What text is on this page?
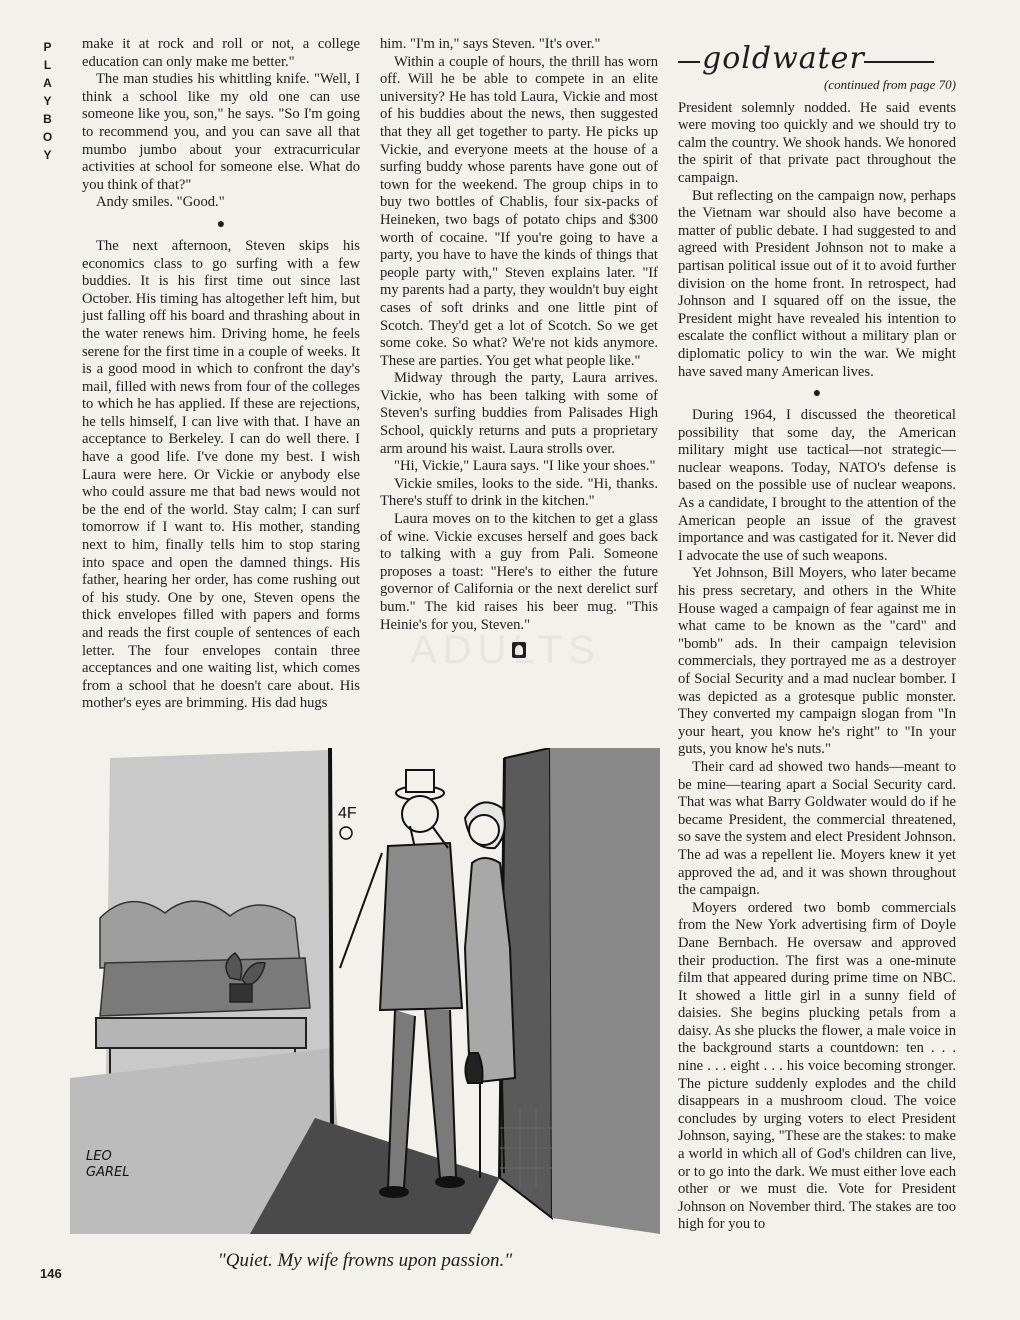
P
L
A
Y
B
O
Y

make it at rock and roll or not, a college education can only make me better."

The man studies his whittling knife. "Well, I think a school like my old one can use someone like you, son," he says. "So I'm going to recommend you, and you can save all that mumbo jumbo about your extracurricular activities at school for someone else. What do you think of that?"

Andy smiles. "Good."

●

The next afternoon, Steven skips his economics class to go surfing with a few buddies. It is his first time out since last October. His timing has altogether left him, but just falling off his board and thrashing about in the water renews him. Driving home, he feels serene for the first time in a couple of weeks. It is a good mood in which to confront the day's mail, filled with news from four of the colleges to which he has applied. If these are rejections, he tells himself, I can live with that. I have an acceptance to Berkeley. I can do well there. I have a good life. I've done my best. I wish Laura were here. Or Vickie or anybody else who could assure me that bad news would not be the end of the world. Stay calm; I can surf tomorrow if I want to. His mother, standing next to him, finally tells him to stop staring into space and open the damned things. His father, hearing her order, has come rushing out of his study. One by one, Steven opens the thick envelopes filled with papers and forms and reads the first couple of sentences of each letter. The four envelopes contain three acceptances and one waiting list, which comes from a school that he doesn't care about. His mother's eyes are brimming. His dad hugs

him. "I'm in," says Steven. "It's over."

Within a couple of hours, the thrill has worn off. Will he be able to compete in an elite university? He has told Laura, Vickie and most of his buddies about the news, then suggested that they all get together to party. He picks up Vickie, and everyone meets at the house of a surfing buddy whose parents have gone out of town for the weekend. The group chips in to buy two bottles of Chablis, four six-packs of Heineken, two bags of potato chips and $300 worth of cocaine. "If you're going to have a party, you have to have the kinds of things that people party with," Steven explains later. "If my parents had a party, they wouldn't buy eight cases of soft drinks and one little pint of Scotch. They'd get a lot of Scotch. So we get some coke. So what? We're not kids anymore. These are parties. You get what people like."

Midway through the party, Laura arrives. Vickie, who has been talking with some of Steven's surfing buddies from Palisades High School, quickly returns and puts a proprietary arm around his waist. Laura strolls over.

"Hi, Vickie," Laura says. "I like your shoes."

Vickie smiles, looks to the side. "Hi, thanks. There's stuff to drink in the kitchen."

Laura moves on to the kitchen to get a glass of wine. Vickie excuses herself and goes back to talking with a guy from Pali. Someone proposes a toast: "Here's to either the future governor of California or the next derelict surf bum." The kid raises his beer mug. "This Heinie's for you, Steven."

goldwater
(continued from page 70)

President solemnly nodded. He said events were moving too quickly and we should try to calm the country. We shook hands. We honored the spirit of that private pact throughout the campaign.

But reflecting on the campaign now, perhaps the Vietnam war should also have become a matter of public debate. I had suggested to and agreed with President Johnson not to make a partisan political issue out of it to avoid further division on the home front. In retrospect, had Johnson and I squared off on the issue, the President might have revealed his intention to escalate the conflict without a military plan or diplomatic policy to win the war. We might have saved many American lives.

●

During 1964, I discussed the theoretical possibility that some day, the American military might use tactical—not strategic—nuclear weapons. Today, NATO's defense is based on the possible use of nuclear weapons. As a candidate, I brought to the attention of the American people an issue of the gravest importance and was castigated for it. Never did I advocate the use of such weapons.

Yet Johnson, Bill Moyers, who later became his press secretary, and others in the White House waged a campaign of fear against me in what came to be known as the "card" and "bomb" ads. In their campaign television commercials, they portrayed me as a destroyer of Social Security and a mad nuclear bomber. I was depicted as a grotesque public monster. They converted my campaign slogan from "In your heart, you know he's right" to "In your guts, you know he's nuts."

Their card ad showed two hands—meant to be mine—tearing apart a Social Security card. That was what Barry Goldwater would do if he became President, the commercial threatened, so save the system and elect President Johnson. The ad was a repellent lie. Moyers knew it yet approved the ad, and it was shown throughout the campaign.

Moyers ordered two bomb commercials from the New York advertising firm of Doyle Dane Bernbach. He oversaw and approved their production. The first was a one-minute film that appeared during prime time on NBC. It showed a little girl in a sunny field of daisies. She begins plucking petals from a daisy. As she plucks the flower, a male voice in the background starts a countdown: ten . . . nine . . . eight . . . his voice becoming stronger. The picture suddenly explodes and the child disappears in a mushroom cloud. The voice concludes by urging voters to elect President Johnson, saying, "These are the stakes: to make a world in which all of God's children can live, or to go into the dark. We must either love each other or we must die. Vote for President Johnson on November third. The stakes are too high for you to

4F
LEO
GAREL
"Quiet. My wife frowns upon passion."
146
ADULTS
